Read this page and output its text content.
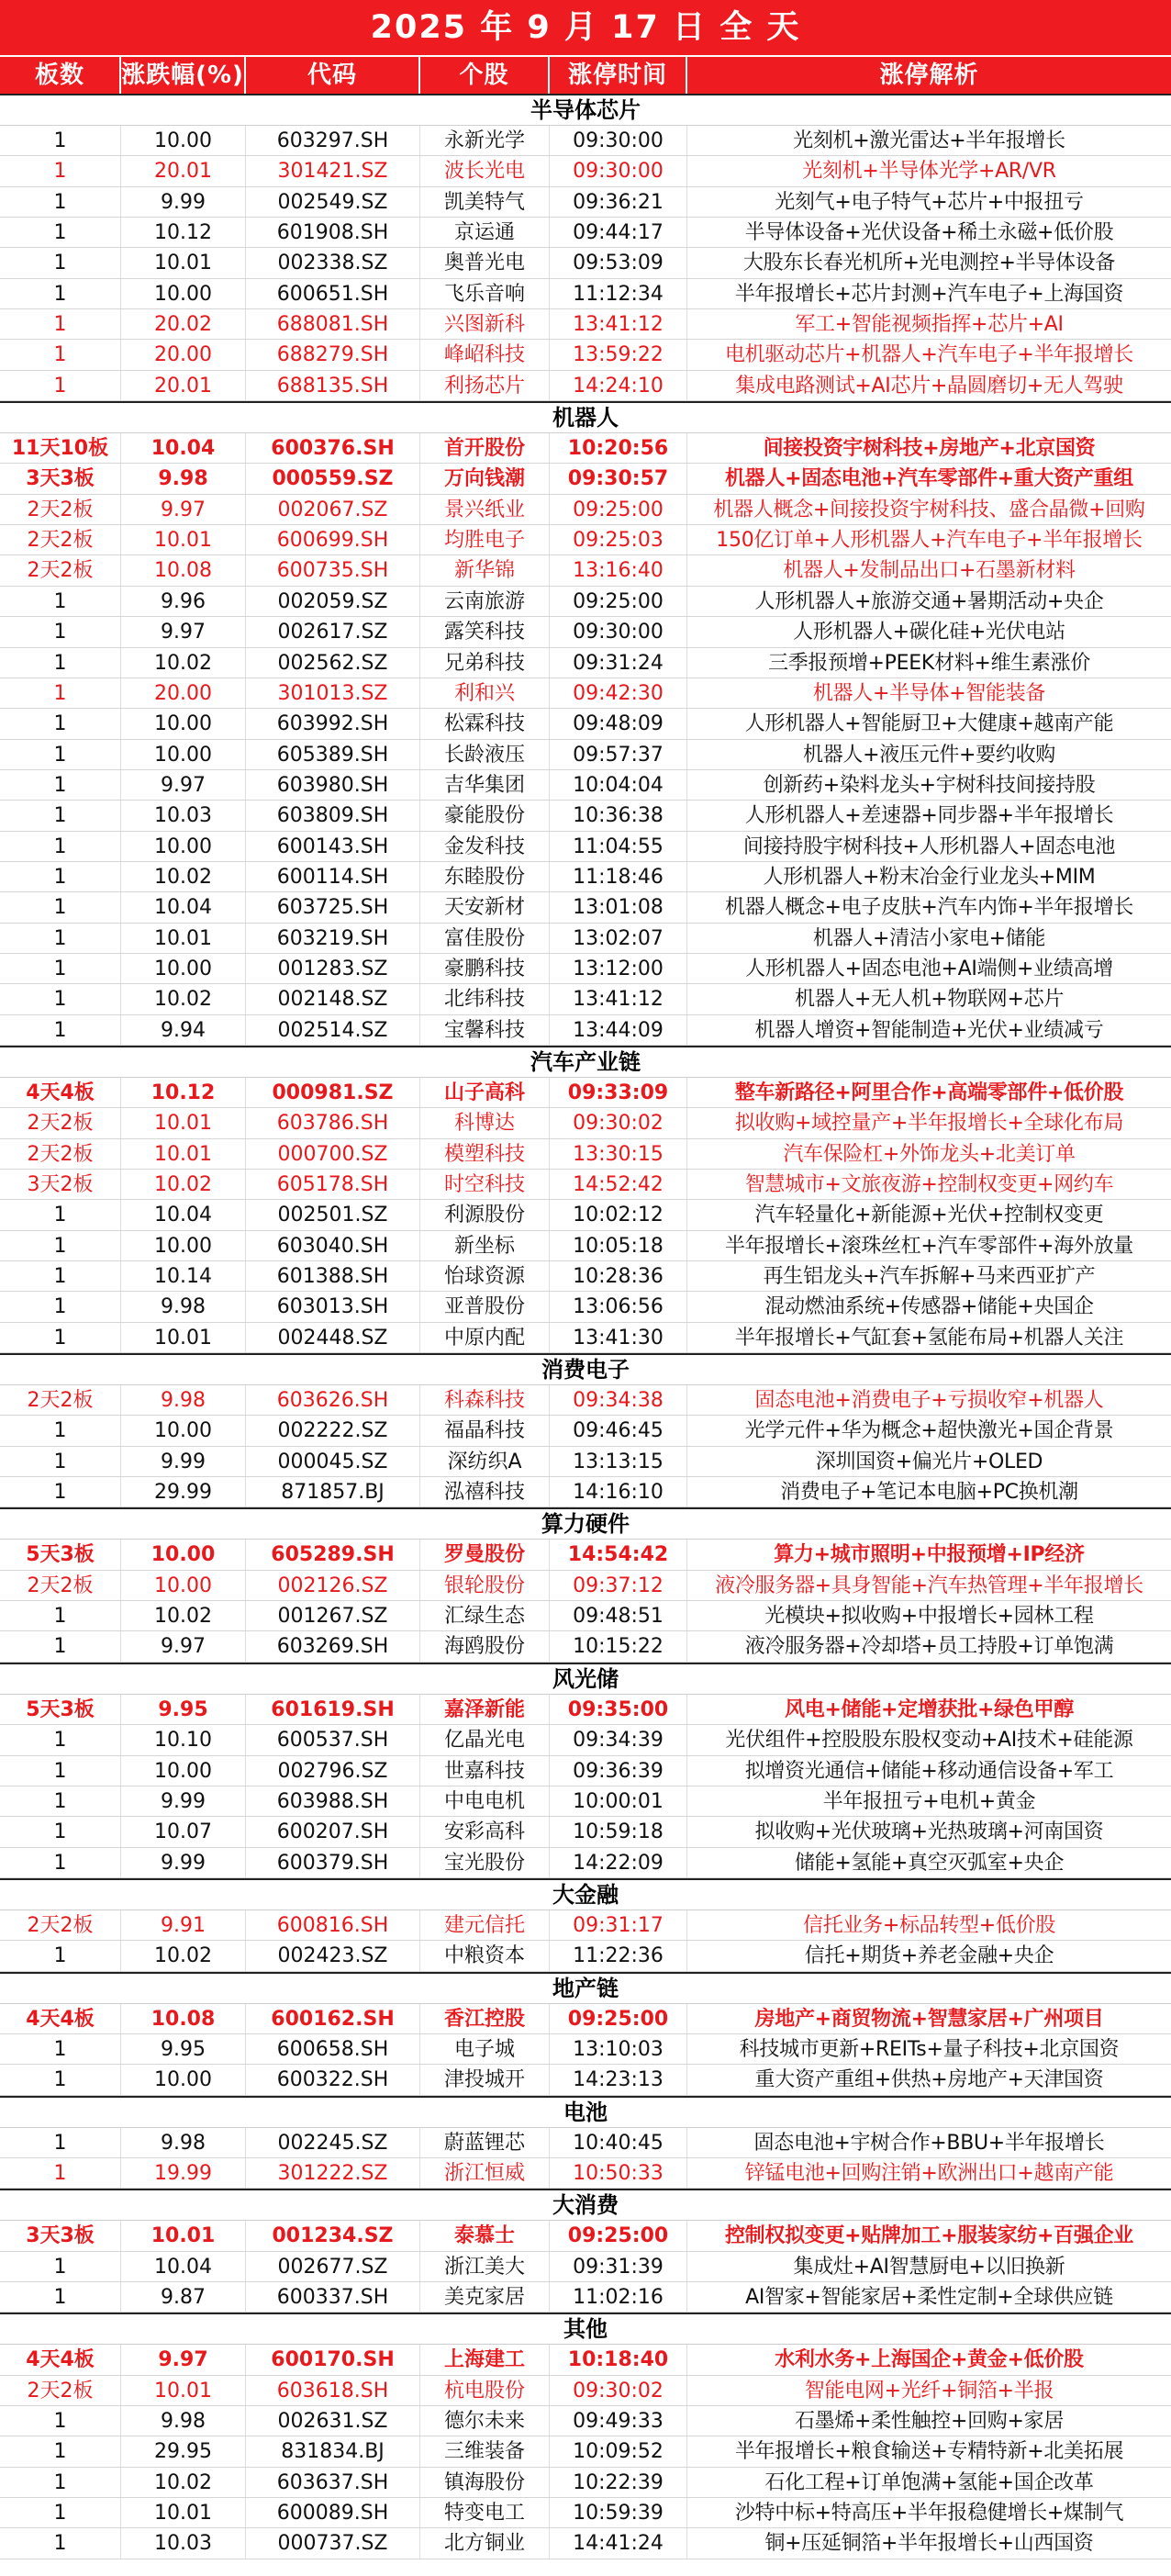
2025 年 9 月 17 日 全 天
板数	涨跌幅(%)	代码	个股	涨停时间	涨停解析
半导体芯片
1	10.00	603297.SH	永新光学	09:30:00	光刻机+激光雷达+半年报增长
1	20.01	301421.SZ	波长光电	09:30:00	光刻机+半导体光学+AR/VR
1	9.99	002549.SZ	凯美特气	09:36:21	光刻气+电子特气+芯片+中报扭亏
1	10.12	601908.SH	京运通	09:44:17	半导体设备+光伏设备+稀土永磁+低价股
1	10.01	002338.SZ	奥普光电	09:53:09	大股东长春光机所+光电测控+半导体设备
1	10.00	600651.SH	飞乐音响	11:12:34	半年报增长+芯片封测+汽车电子+上海国资
1	20.02	688081.SH	兴图新科	13:41:12	军工+智能视频指挥+芯片+AI
1	20.00	688279.SH	峰岹科技	13:59:22	电机驱动芯片+机器人+汽车电子+半年报增长
1	20.01	688135.SH	利扬芯片	14:24:10	集成电路测试+AI芯片+晶圆磨切+无人驾驶
机器人
11天10板	10.04	600376.SH	首开股份	10:20:56	间接投资宇树科技+房地产+北京国资
3天3板	9.98	000559.SZ	万向钱潮	09:30:57	机器人+固态电池+汽车零部件+重大资产重组
2天2板	9.97	002067.SZ	景兴纸业	09:25:00	机器人概念+间接投资宇树科技、盛合晶微+回购
2天2板	10.01	600699.SH	均胜电子	09:25:03	150亿订单+人形机器人+汽车电子+半年报增长
2天2板	10.08	600735.SH	新华锦	13:16:40	机器人+发制品出口+石墨新材料
1	9.96	002059.SZ	云南旅游	09:25:00	人形机器人+旅游交通+暑期活动+央企
1	9.97	002617.SZ	露笑科技	09:30:00	人形机器人+碳化硅+光伏电站
1	10.02	002562.SZ	兄弟科技	09:31:24	三季报预增+PEEK材料+维生素涨价
1	20.00	301013.SZ	利和兴	09:42:30	机器人+半导体+智能装备
1	10.00	603992.SH	松霖科技	09:48:09	人形机器人+智能厨卫+大健康+越南产能
1	10.00	605389.SH	长龄液压	09:57:37	机器人+液压元件+要约收购
1	9.97	603980.SH	吉华集团	10:04:04	创新药+染料龙头+宇树科技间接持股
1	10.03	603809.SH	豪能股份	10:36:38	人形机器人+差速器+同步器+半年报增长
1	10.00	600143.SH	金发科技	11:04:55	间接持股宇树科技+人形机器人+固态电池
1	10.02	600114.SH	东睦股份	11:18:46	人形机器人+粉末冶金行业龙头+MIM
1	10.04	603725.SH	天安新材	13:01:08	机器人概念+电子皮肤+汽车内饰+半年报增长
1	10.01	603219.SH	富佳股份	13:02:07	机器人+清洁小家电+储能
1	10.00	001283.SZ	豪鹏科技	13:12:00	人形机器人+固态电池+AI端侧+业绩高增
1	10.02	002148.SZ	北纬科技	13:41:12	机器人+无人机+物联网+芯片
1	9.94	002514.SZ	宝馨科技	13:44:09	机器人增资+智能制造+光伏+业绩减亏
汽车产业链
4天4板	10.12	000981.SZ	山子高科	09:33:09	整车新路径+阿里合作+高端零部件+低价股
2天2板	10.01	603786.SH	科博达	09:30:02	拟收购+域控量产+半年报增长+全球化布局
2天2板	10.01	000700.SZ	模塑科技	13:30:15	汽车保险杠+外饰龙头+北美订单
3天2板	10.02	605178.SH	时空科技	14:52:42	智慧城市+文旅夜游+控制权变更+网约车
1	10.04	002501.SZ	利源股份	10:02:12	汽车轻量化+新能源+光伏+控制权变更
1	10.00	603040.SH	新坐标	10:05:18	半年报增长+滚珠丝杠+汽车零部件+海外放量
1	10.14	601388.SH	怡球资源	10:28:36	再生铝龙头+汽车拆解+马来西亚扩产
1	9.98	603013.SH	亚普股份	13:06:56	混动燃油系统+传感器+储能+央国企
1	10.01	002448.SZ	中原内配	13:41:30	半年报增长+气缸套+氢能布局+机器人关注
消费电子
2天2板	9.98	603626.SH	科森科技	09:34:38	固态电池+消费电子+亏损收窄+机器人
1	10.00	002222.SZ	福晶科技	09:46:45	光学元件+华为概念+超快激光+国企背景
1	9.99	000045.SZ	深纺织A	13:13:15	深圳国资+偏光片+OLED
1	29.99	871857.BJ	泓禧科技	14:16:10	消费电子+笔记本电脑+PC换机潮
算力硬件
5天3板	10.00	605289.SH	罗曼股份	14:54:42	算力+城市照明+中报预增+IP经济
2天2板	10.00	002126.SZ	银轮股份	09:37:12	液冷服务器+具身智能+汽车热管理+半年报增长
1	10.02	001267.SZ	汇绿生态	09:48:51	光模块+拟收购+中报增长+园林工程
1	9.97	603269.SH	海鸥股份	10:15:22	液冷服务器+冷却塔+员工持股+订单饱满
风光储
5天3板	9.95	601619.SH	嘉泽新能	09:35:00	风电+储能+定增获批+绿色甲醇
1	10.10	600537.SH	亿晶光电	09:34:39	光伏组件+控股股东股权变动+AI技术+硅能源
1	10.00	002796.SZ	世嘉科技	09:36:39	拟增资光通信+储能+移动通信设备+军工
1	9.99	603988.SH	中电电机	10:00:01	半年报扭亏+电机+黄金
1	10.07	600207.SH	安彩高科	10:59:18	拟收购+光伏玻璃+光热玻璃+河南国资
1	9.99	600379.SH	宝光股份	14:22:09	储能+氢能+真空灭弧室+央企
大金融
2天2板	9.91	600816.SH	建元信托	09:31:17	信托业务+标品转型+低价股
1	10.02	002423.SZ	中粮资本	11:22:36	信托+期货+养老金融+央企
地产链
4天4板	10.08	600162.SH	香江控股	09:25:00	房地产+商贸物流+智慧家居+广州项目
1	9.95	600658.SH	电子城	13:10:03	科技城市更新+REITs+量子科技+北京国资
1	10.00	600322.SH	津投城开	14:23:13	重大资产重组+供热+房地产+天津国资
电池
1	9.98	002245.SZ	蔚蓝锂芯	10:40:45	固态电池+宇树合作+BBU+半年报增长
1	19.99	301222.SZ	浙江恒威	10:50:33	锌锰电池+回购注销+欧洲出口+越南产能
大消费
3天3板	10.01	001234.SZ	泰慕士	09:25:00	控制权拟变更+贴牌加工+服装家纺+百强企业
1	10.04	002677.SZ	浙江美大	09:31:39	集成灶+AI智慧厨电+以旧换新
1	9.87	600337.SH	美克家居	11:02:16	AI智家+智能家居+柔性定制+全球供应链
其他
4天4板	9.97	600170.SH	上海建工	10:18:40	水利水务+上海国企+黄金+低价股
2天2板	10.01	603618.SH	杭电股份	09:30:02	智能电网+光纤+铜箔+半报
1	9.98	002631.SZ	德尔未来	09:49:33	石墨烯+柔性触控+回购+家居
1	29.95	831834.BJ	三维装备	10:09:52	半年报增长+粮食输送+专精特新+北美拓展
1	10.02	603637.SH	镇海股份	10:22:39	石化工程+订单饱满+氢能+国企改革
1	10.01	600089.SH	特变电工	10:59:39	沙特中标+特高压+半年报稳健增长+煤制气
1	10.03	000737.SZ	北方铜业	14:41:24	铜+压延铜箔+半年报增长+山西国资
